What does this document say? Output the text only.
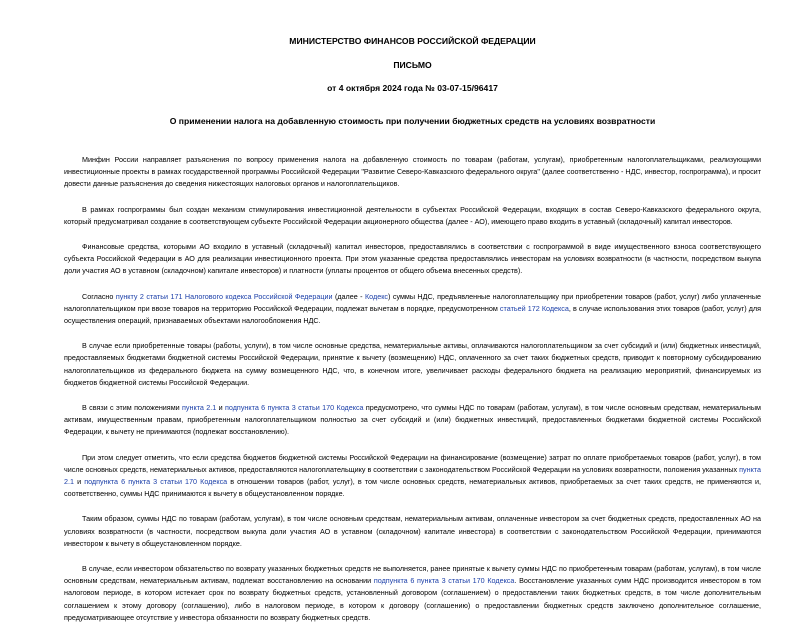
МИНИСТЕРСТВО ФИНАНСОВ РОССИЙСКОЙ ФЕДЕРАЦИИ
ПИСЬМО
от 4 октября 2024 года № 03-07-15/96417
О применении налога на добавленную стоимость при получении бюджетных средств на условиях возвратности

Минфин России направляет разъяснения по вопросу применения налога на добавленную стоимость по товарам (работам, услугам), приобретенным налогоплательщиками, реализующими инвестиционные проекты в рамках государственной программы Российской Федерации "Развитие Северо-Кавказского федерального округа" (далее соответственно - НДС, инвестор, госпрограмма), и просит довести данные разъяснения до сведения нижестоящих налоговых органов и налогоплательщиков.

В рамках госпрограммы был создан механизм стимулирования инвестиционной деятельности в субъектах Российской Федерации, входящих в состав Северо-Кавказского федерального округа, который предусматривал создание в соответствующем субъекте Российской Федерации акционерного общества (далее - АО), имеющего право входить в уставный (складочный) капитал инвесторов.

Финансовые средства, которыми АО входило в уставный (складочный) капитал инвесторов, предоставлялись в соответствии с госпрограммой в виде имущественного взноса соответствующего субъекта Российской Федерации в АО для реализации инвестиционного проекта. При этом указанные средства предоставлялись инвесторам на условиях возвратности (в частности, посредством выкупа доли участия АО в уставном (складочном) капитале инвесторов) и платности (уплаты процентов от общего объема внесенных средств).

Согласно пункту 2 статьи 171 Налогового кодекса Российской Федерации (далее - Кодекс) суммы НДС, предъявленные налогоплательщику при приобретении товаров (работ, услуг) либо уплаченные налогоплательщиком при ввозе товаров на территорию Российской Федерации, подлежат вычетам в порядке, предусмотренном статьей 172 Кодекса, в случае использования этих товаров (работ, услуг) для осуществления операций, признаваемых объектами налогообложения НДС.

В случае если приобретенные товары (работы, услуги), в том числе основные средства, нематериальные активы, оплачиваются налогоплательщиком за счет субсидий и (или) бюджетных инвестиций, предоставляемых бюджетами бюджетной системы Российской Федерации, принятие к вычету (возмещению) НДС, оплаченного за счет таких бюджетных средств, приводит к повторному субсидированию налогоплательщиков из федерального бюджета на сумму возмещенного НДС, что, в конечном итоге, увеличивает расходы федерального бюджета на реализацию мероприятий, финансируемых из бюджетов бюджетной системы Российской Федерации.

В связи с этим положениями пункта 2.1 и подпункта 6 пункта 3 статьи 170 Кодекса предусмотрено, что суммы НДС по товарам (работам, услугам), в том числе основным средствам, нематериальным активам, имущественным правам, приобретенным налогоплательщиком полностью за счет субсидий и (или) бюджетных инвестиций, предоставленных бюджетами бюджетной системы Российской Федерации, к вычету не принимаются (подлежат восстановлению).

При этом следует отметить, что если средства бюджетов бюджетной системы Российской Федерации на финансирование (возмещение) затрат по оплате приобретаемых товаров (работ, услуг), в том числе основных средств, нематериальных активов, предоставляются налогоплательщику в соответствии с законодательством Российской Федерации на условиях возвратности, положения указанных пункта 2.1 и подпункта 6 пункта 3 статьи 170 Кодекса в отношении товаров (работ, услуг), в том числе основных средств, нематериальных активов, приобретаемых за счет таких средств, не применяются и, соответственно, суммы НДС принимаются к вычету в общеустановленном порядке.

Таким образом, суммы НДС по товарам (работам, услугам), в том числе основным средствам, нематериальным активам, оплаченные инвестором за счет бюджетных средств, предоставленных АО на условиях возвратности (в частности, посредством выкупа доли участия АО в уставном (складочном) капитале инвестора) в соответствии с законодательством Российской Федерации, принимаются инвестором к вычету в общеустановленном порядке.

В случае, если инвестором обязательство по возврату указанных бюджетных средств не выполняется, ранее принятые к вычету суммы НДС по приобретенным товарам (работам, услугам), в том числе основным средствам, нематериальным активам, подлежат восстановлению на основании подпункта 6 пункта 3 статьи 170 Кодекса. Восстановление указанных сумм НДС производится инвестором в том налоговом периоде, в котором истекает срок по возврату бюджетных средств, установленный договором (соглашением) о предоставлении таких бюджетных средств, в том числе дополнительным соглашением к этому договору (соглашению), либо в налоговом периоде, в котором к договору (соглашению) о предоставлении бюджетных средств заключено дополнительное соглашение, предусматривающее отсутствие у инвестора обязанности по возврату бюджетных средств.
